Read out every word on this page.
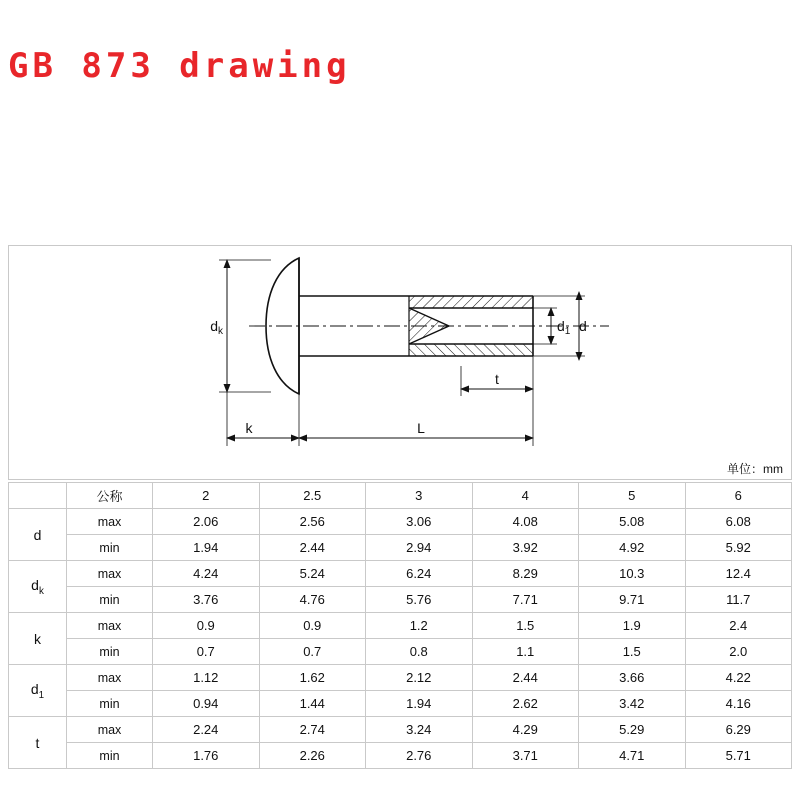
GB 873 drawing
$d_k$	$d_1$ d
t
k	L
单位：mm
	公称	2	2.5	3	4	5	6
d	max	2.06	2.56	3.06	4.08	5.08	6.08
	min	1.94	2.44	2.94	3.92	4.92	5.92
$d_k$	max	4.24	5.24	6.24	8.29	10.3	12.4
	min	3.76	4.76	5.76	7.71	9.71	11.7
k	max	0.9	0.9	1.2	1.5	1.9	2.4
	min	0.7	0.7	0.8	1.1	1.5	2.0
$d_1$	max	1.12	1.62	2.12	2.44	3.66	4.22
	min	0.94	1.44	1.94	2.62	3.42	4.16
t	max	2.24	2.74	3.24	4.29	5.29	6.29
	min	1.76	2.26	2.76	3.71	4.71	5.71
